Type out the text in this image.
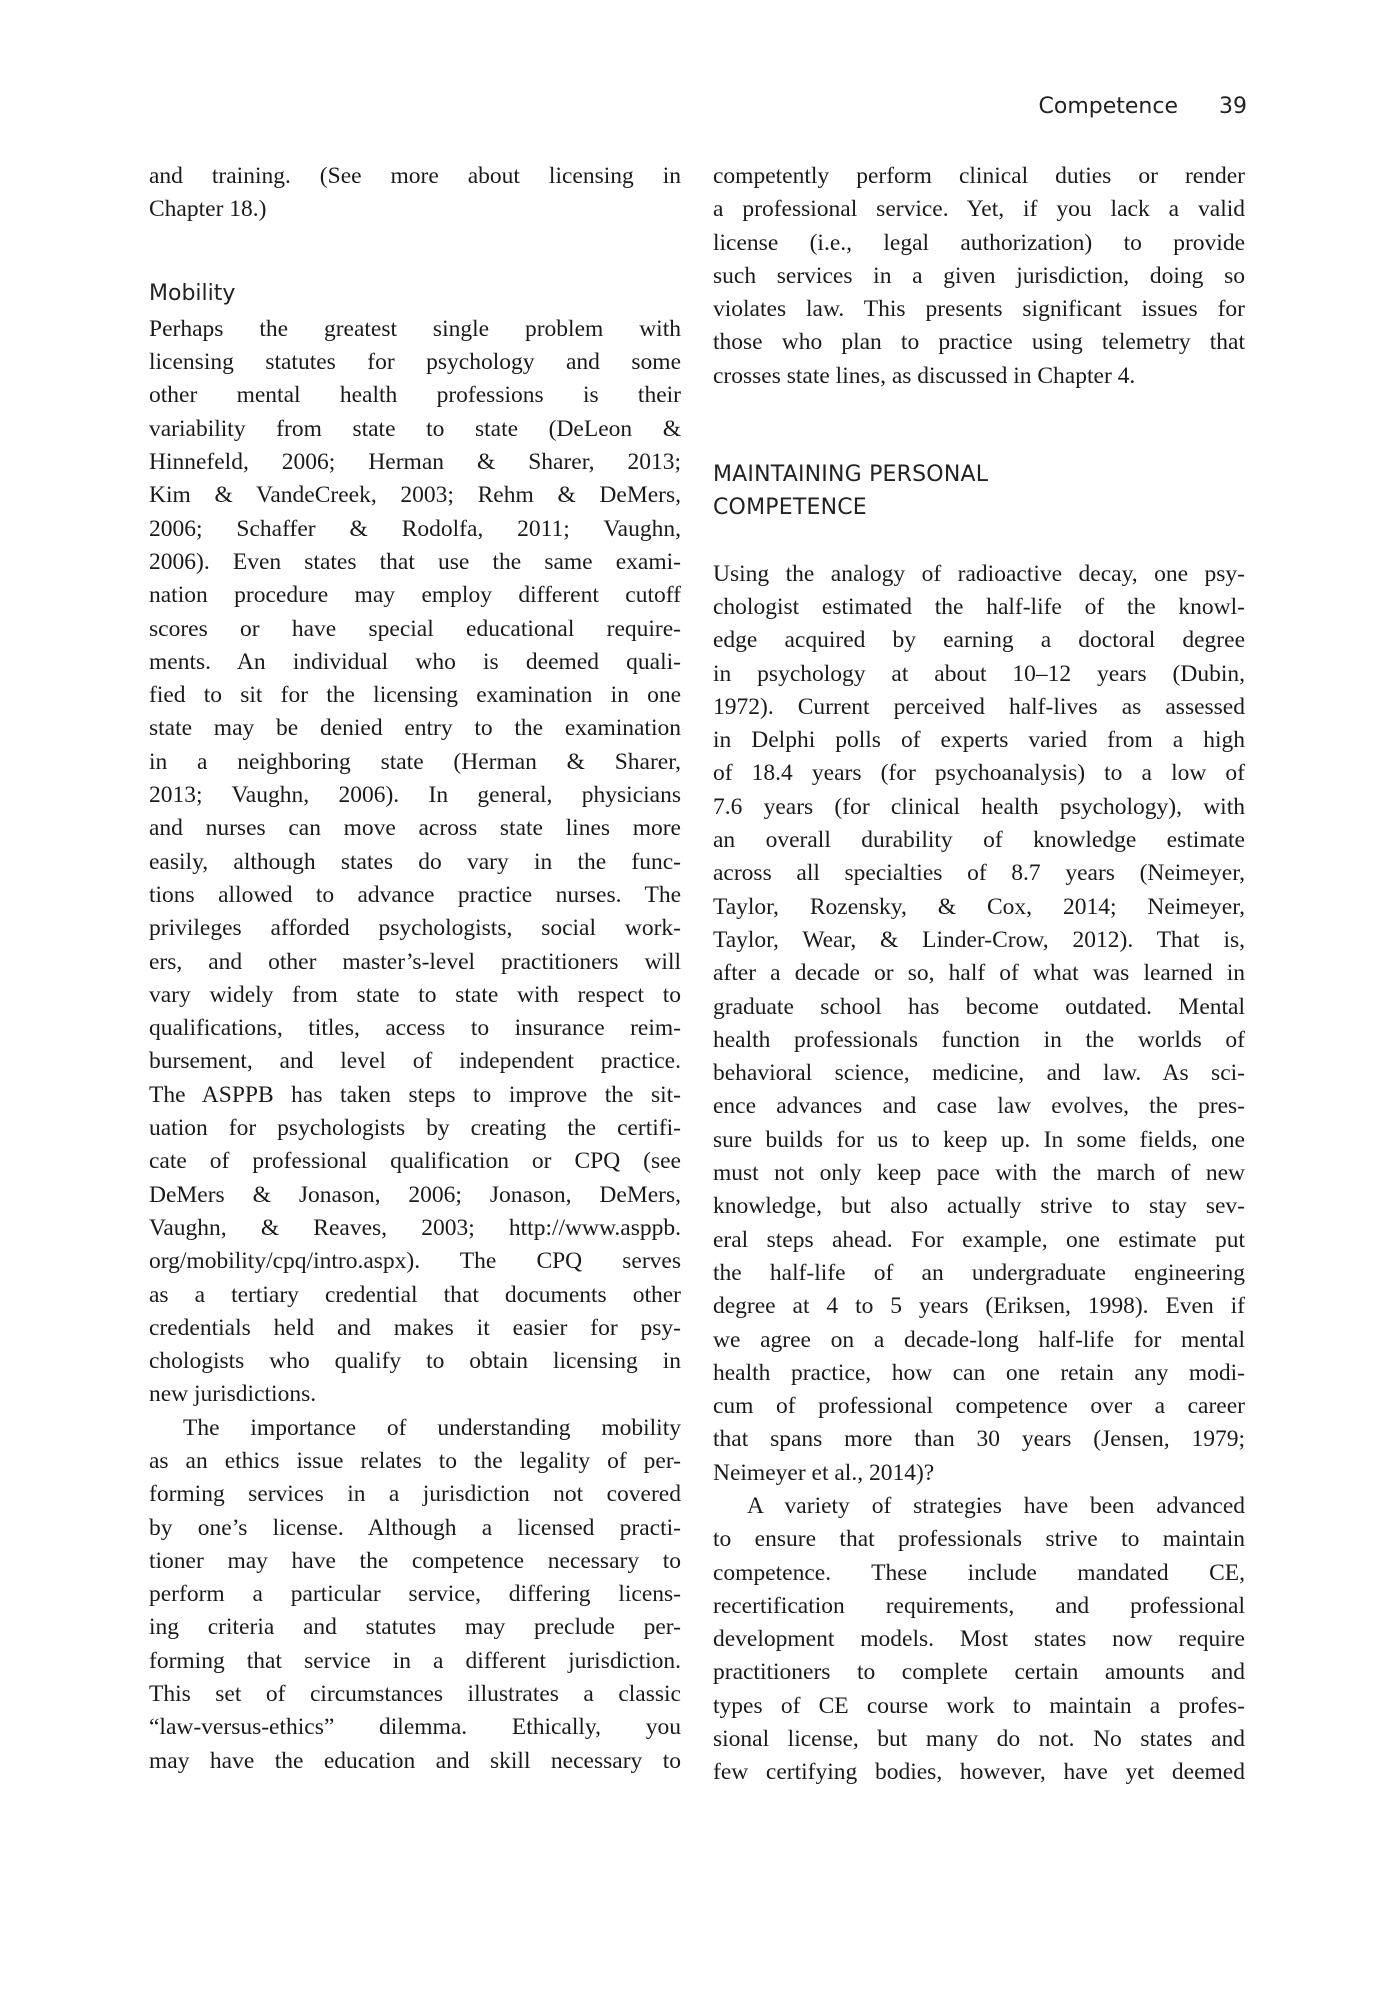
Competence 39
and training. (See more about licensing in
Chapter 18.)
Mobility
Perhaps the greatest single problem with
licensing statutes for psychology and some
other mental health professions is their
variability from state to state (DeLeon &
Hinnefeld, 2006; Herman & Sharer, 2013;
Kim & VandeCreek, 2003; Rehm & DeMers,
2006; Schaffer & Rodolfa, 2011; Vaughn,
2006). Even states that use the same exami-
nation procedure may employ different cutoff
scores or have special educational require-
ments. An individual who is deemed quali-
fied to sit for the licensing examination in one
state may be denied entry to the examination
in a neighboring state (Herman & Sharer,
2013; Vaughn, 2006). In general, physicians
and nurses can move across state lines more
easily, although states do vary in the func-
tions allowed to advance practice nurses. The
privileges afforded psychologists, social work-
ers, and other master’s-level practitioners will
vary widely from state to state with respect to
qualifications, titles, access to insurance reim-
bursement, and level of independent practice.
The ASPPB has taken steps to improve the sit-
uation for psychologists by creating the certifi-
cate of professional qualification or CPQ (see
DeMers & Jonason, 2006; Jonason, DeMers,
Vaughn, & Reaves, 2003; http://www.asppb.
org/mobility/cpq/intro.aspx). The CPQ serves
as a tertiary credential that documents other
credentials held and makes it easier for psy-
chologists who qualify to obtain licensing in
new jurisdictions.
The importance of understanding mobility
as an ethics issue relates to the legality of per-
forming services in a jurisdiction not covered
by one’s license. Although a licensed practi-
tioner may have the competence necessary to
perform a particular service, differing licens-
ing criteria and statutes may preclude per-
forming that service in a different jurisdiction.
This set of circumstances illustrates a classic
“law-versus-ethics” dilemma. Ethically, you
may have the education and skill necessary to
competently perform clinical duties or render
a professional service. Yet, if you lack a valid
license (i.e., legal authorization) to provide
such services in a given jurisdiction, doing so
violates law. This presents significant issues for
those who plan to practice using telemetry that
crosses state lines, as discussed in Chapter 4.
MAINTAINING PERSONAL
COMPETENCE
Using the analogy of radioactive decay, one psy-
chologist estimated the half-life of the knowl-
edge acquired by earning a doctoral degree
in psychology at about 10–12 years (Dubin,
1972). Current perceived half-lives as assessed
in Delphi polls of experts varied from a high
of 18.4 years (for psychoanalysis) to a low of
7.6 years (for clinical health psychology), with
an overall durability of knowledge estimate
across all specialties of 8.7 years (Neimeyer,
Taylor, Rozensky, & Cox, 2014; Neimeyer,
Taylor, Wear, & Linder-Crow, 2012). That is,
after a decade or so, half of what was learned in
graduate school has become outdated. Mental
health professionals function in the worlds of
behavioral science, medicine, and law. As sci-
ence advances and case law evolves, the pres-
sure builds for us to keep up. In some fields, one
must not only keep pace with the march of new
knowledge, but also actually strive to stay sev-
eral steps ahead. For example, one estimate put
the half-life of an undergraduate engineering
degree at 4 to 5 years (Eriksen, 1998). Even if
we agree on a decade-long half-life for mental
health practice, how can one retain any modi-
cum of professional competence over a career
that spans more than 30 years (Jensen, 1979;
Neimeyer et al., 2014)?
A variety of strategies have been advanced
to ensure that professionals strive to maintain
competence. These include mandated CE,
recertification requirements, and professional
development models. Most states now require
practitioners to complete certain amounts and
types of CE course work to maintain a profes-
sional license, but many do not. No states and
few certifying bodies, however, have yet deemed
